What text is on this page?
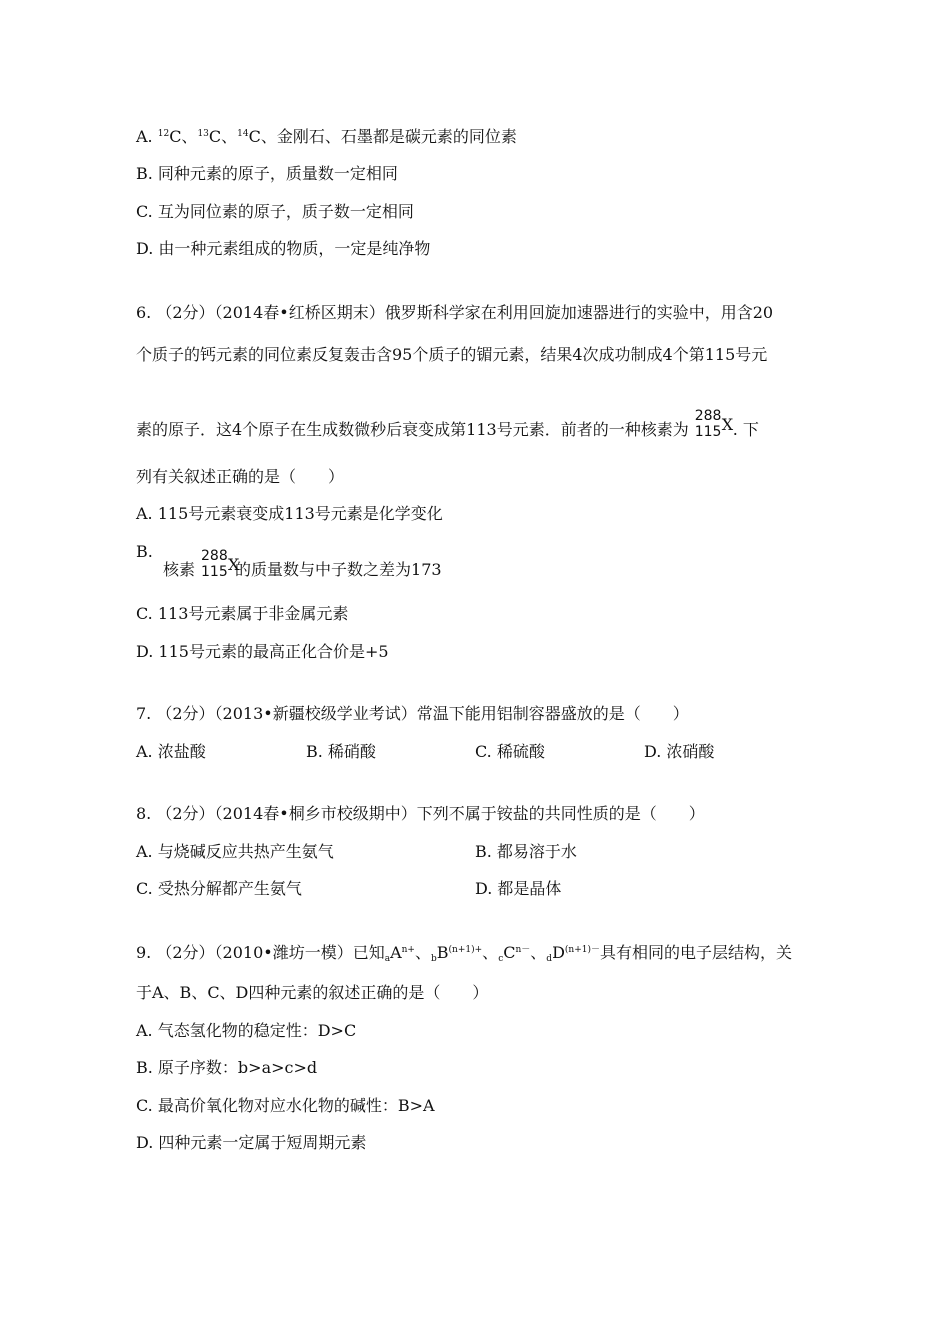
A. $^{12}$C、$^{13}$C、$^{14}$C、金刚石、石墨都是碳元素的同位素
B. 同种元素的原子，质量数一定相同
C. 互为同位素的原子，质子数一定相同
D. 由一种元素组成的物质，一定是纯净物
6. （2分）（2014春•红桥区期末）俄罗斯科学家在利用回旋加速器进行的实验中，用含20
个质子的钙元素的同位素反复轰击含95个质子的镅元素，结果4次成功制成4个第115号元
素的原子．这4个原子在生成数微秒后衰变成第113号元素．前者的一种核素为
288
115 X . 下
列有关叙述正确的是（　　）
A. 115号元素衰变成113号元素是化学变化
B.
核素
288
115 X
的质量数与中子数之差为173
C. 113号元素属于非金属元素
D. 115号元素的最高正化合价是+5
7. （2分）（2013•新疆校级学业考试）常温下能用铝制容器盛放的是（　　）
A. 浓盐酸	B. 稀硝酸	C. 稀硫酸	D. 浓硝酸
8. （2分）（2014春•桐乡市校级期中）下列不属于铵盐的共同性质的是（　　）
A. 与烧碱反应共热产生氨气	B. 都易溶于水
C. 受热分解都产生氨气	D. 都是晶体
9. （2分）（2010•潍坊一模）已知$_aA^{n+}$、$_bB^{(n+1)+}$、$_cC^{n-}$、$_dD^{(n+1)-}$具有相同的电子层结构，关
于A、B、C、D四种元素的叙述正确的是（　　）
A. 气态氢化物的稳定性：D>C
B. 原子序数：b>a>c>d
C. 最高价氧化物对应水化物的碱性：B>A
D. 四种元素一定属于短周期元素
